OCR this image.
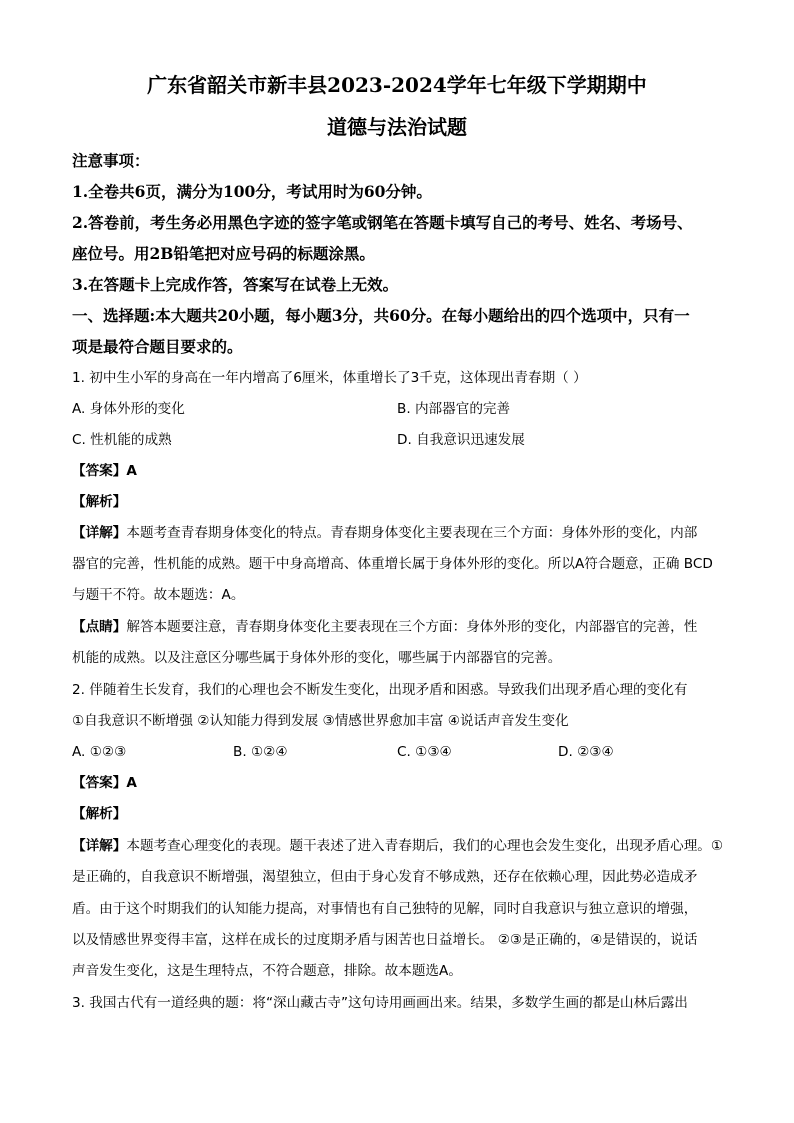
广东省韶关市新丰县2023-2024学年七年级下学期期中
道德与法治试题
注意事项：
1.全卷共6页，满分为100分，考试用时为60分钟。
2.答卷前，考生务必用黑色字迹的签字笔或钢笔在答题卡填写自己的考号、姓名、考场号、
座位号。用2B铅笔把对应号码的标题涂黑。
3.在答题卡上完成作答，答案写在试卷上无效。
一、选择题:本大题共20小题，每小题3分，共60分。在每小题给出的四个选项中，只有一
项是最符合题目要求的。
1. 初中生小军的身高在一年内增高了6厘米，体重增长了3千克，这体现出青春期（ ）
A. 身体外形的变化	B. 内部器官的完善
C. 性机能的成熟	D. 自我意识迅速发展
【答案】A
【解析】
【详解】本题考查青春期身体变化的特点。青春期身体变化主要表现在三个方面：身体外形的变化，内部
器官的完善，性机能的成熟。题干中身高增高、体重增长属于身体外形的变化。所以A符合题意，正确 BCD
与题干不符。故本题选：A。
【点睛】解答本题要注意，青春期身体变化主要表现在三个方面：身体外形的变化，内部器官的完善，性
机能的成熟。以及注意区分哪些属于身体外形的变化，哪些属于内部器官的完善。
2. 伴随着生长发育，我们的心理也会不断发生变化，出现矛盾和困惑。导致我们出现矛盾心理的变化有
①自我意识不断增强 ②认知能力得到发展 ③情感世界愈加丰富 ④说话声音发生变化
A. ①②③	B. ①②④	C. ①③④	D. ②③④
【答案】A
【解析】
【详解】本题考查心理变化的表现。题干表述了进入青春期后，我们的心理也会发生变化，出现矛盾心理。①
是正确的，自我意识不断增强，渴望独立，但由于身心发育不够成熟，还存在依赖心理，因此势必造成矛
盾。由于这个时期我们的认知能力提高，对事情也有自己独特的见解，同时自我意识与独立意识的增强，
以及情感世界变得丰富，这样在成长的过度期矛盾与困苦也日益增长。 ②③是正确的，④是错误的，说话
声音发生变化，这是生理特点，不符合题意，排除。故本题选A。
3. 我国古代有一道经典的题：将“深山藏古寺”这句诗用画画出来。结果，多数学生画的都是山林后露出
